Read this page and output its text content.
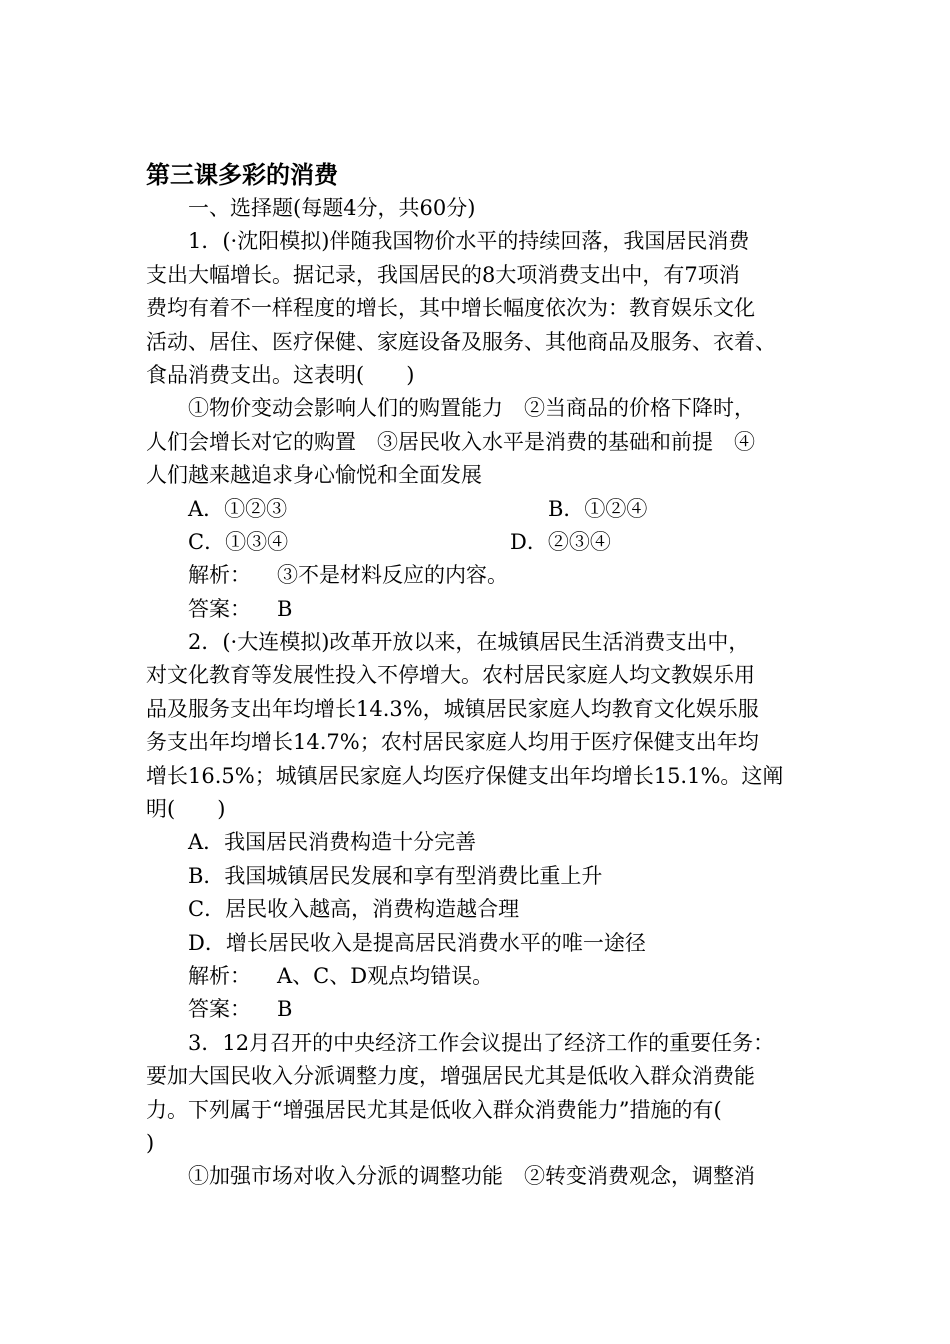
第三课多彩的消费
一、选择题(每题4分，共60分)
1．(·沈阳模拟)伴随我国物价水平的持续回落，我国居民消费
支出大幅增长。据记录，我国居民的8大项消费支出中，有7项消
费均有着不一样程度的增长，其中增长幅度依次为：教育娱乐文化
活动、居住、医疗保健、家庭设备及服务、其他商品及服务、衣着、
食品消费支出。这表明(　　)
①物价变动会影响人们的购置能力　②当商品的价格下降时，
人们会增长对它的购置　③居民收入水平是消费的基础和前提　④
人们越来越追求身心愉悦和全面发展
A．①②③	B．①②④
C．①③④	D．②③④
解析： ③不是材料反应的内容。
答案： B
2．(·大连模拟)改革开放以来，在城镇居民生活消费支出中，
对文化教育等发展性投入不停增大。农村居民家庭人均文教娱乐用
品及服务支出年均增长14.3%，城镇居民家庭人均教育文化娱乐服
务支出年均增长14.7%；农村居民家庭人均用于医疗保健支出年均
增长16.5%；城镇居民家庭人均医疗保健支出年均增长15.1%。这阐
明(　　)
A．我国居民消费构造十分完善
B．我国城镇居民发展和享有型消费比重上升
C．居民收入越高，消费构造越合理
D．增长居民收入是提高居民消费水平的唯一途径
解析： A、C、D观点均错误。
答案： B
3．12月召开的中央经济工作会议提出了经济工作的重要任务：
要加大国民收入分派调整力度，增强居民尤其是低收入群众消费能
力。下列属于“增强居民尤其是低收入群众消费能力”措施的有(
)
①加强市场对收入分派的调整功能　②转变消费观念，调整消
